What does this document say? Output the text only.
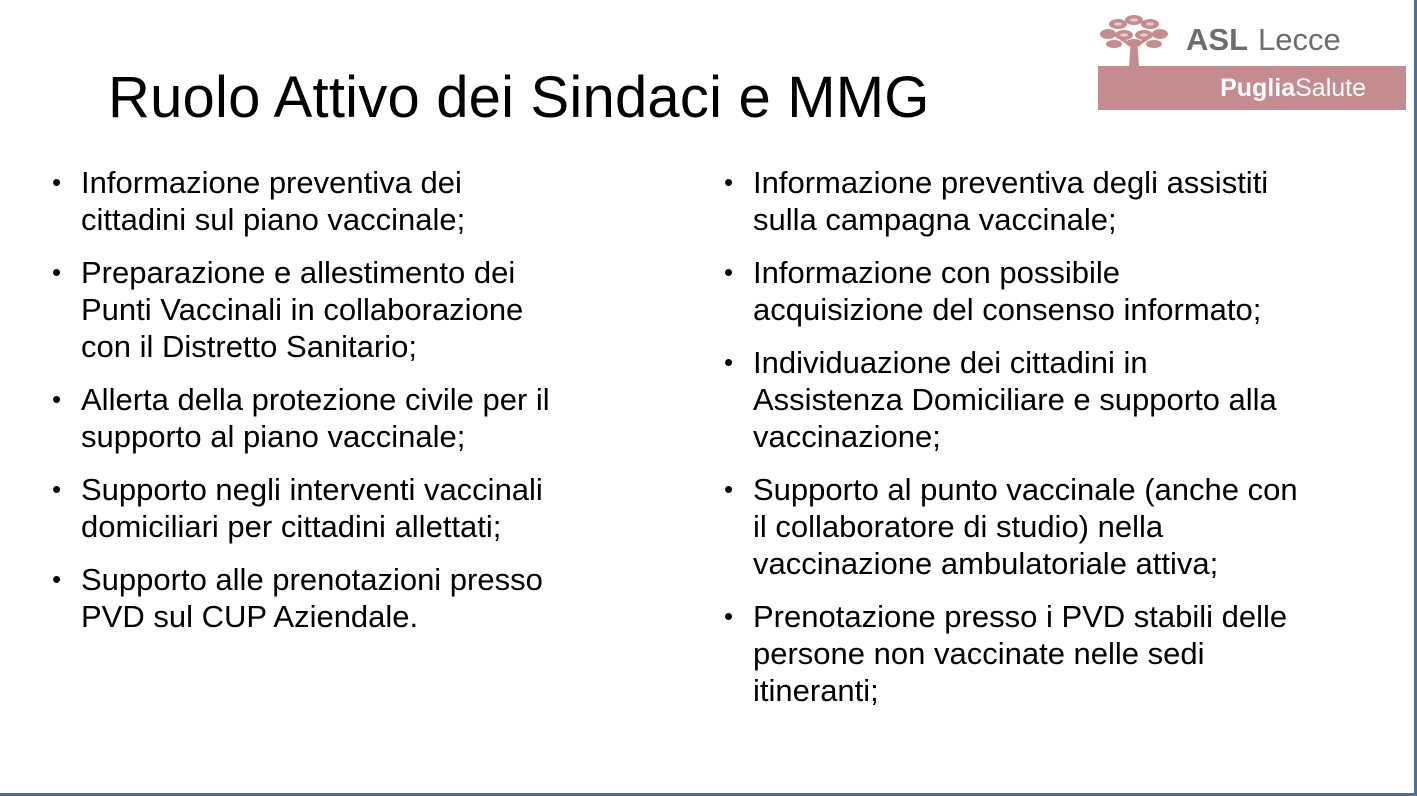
Ruolo Attivo dei Sindaci e MMG
ASL Lecce
PugliaSalute
• Informazione preventiva dei
cittadini sul piano vaccinale;
• Preparazione e allestimento dei
Punti Vaccinali in collaborazione
con il Distretto Sanitario;
• Allerta della protezione civile per il
supporto al piano vaccinale;
• Supporto negli interventi vaccinali
domiciliari per cittadini allettati;
• Supporto alle prenotazioni presso
PVD sul CUP Aziendale.
• Informazione preventiva degli assistiti
sulla campagna vaccinale;
• Informazione con possibile
acquisizione del consenso informato;
• Individuazione dei cittadini in
Assistenza Domiciliare e supporto alla
vaccinazione;
• Supporto al punto vaccinale (anche con
il collaboratore di studio) nella
vaccinazione ambulatoriale attiva;
• Prenotazione presso i PVD stabili delle
persone non vaccinate nelle sedi
itineranti;
